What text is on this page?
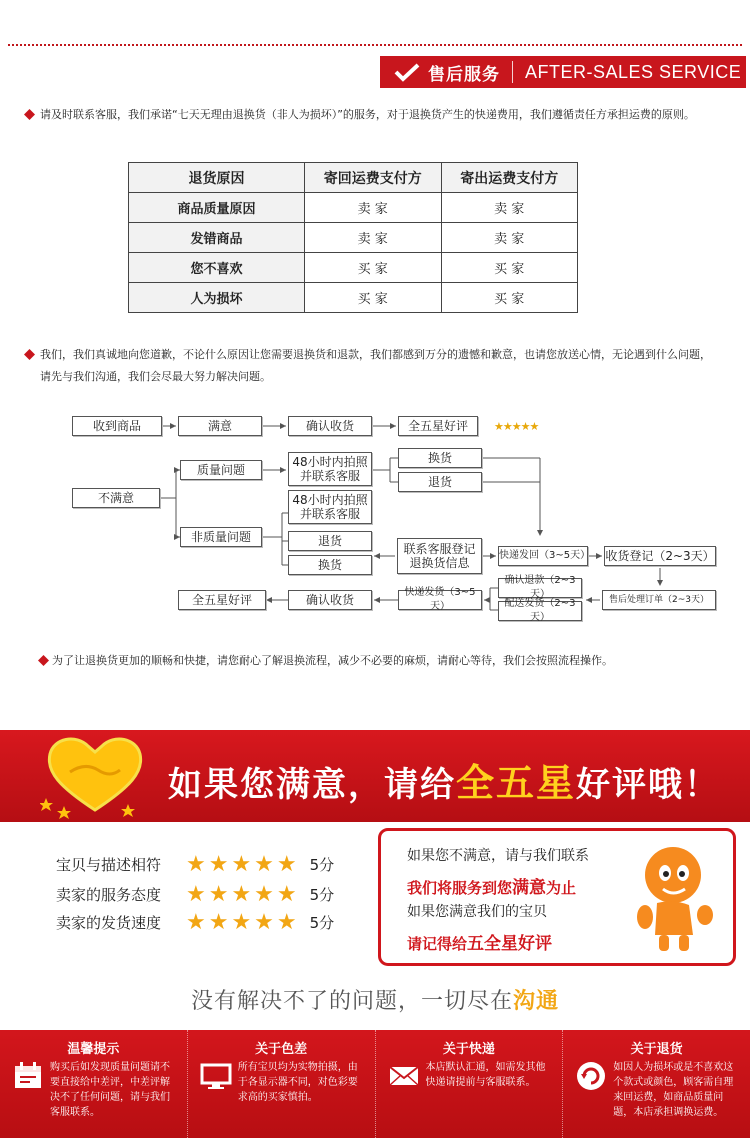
售后服务 AFTER-SALES SERVICE
请及时联系客服，我们承诺“七天无理由退换货（非人为损坏）”的服务，对于退换货产生的快递费用，我们遵循责任方承担运费的原则。
退货原因	寄回运费支付方	寄出运费支付方
商品质量原因	卖 家	卖 家
发错商品	卖 家	卖 家
您不喜欢	买 家	买 家
人为损坏	买 家	买 家
我们，我们真诚地向您道歉，不论什么原因让您需要退换货和退款，我们都感到万分的遗憾和歉意，也请您放送心情，无论遇到什么问题，请先与我们沟通，我们会尽最大努力解决问题。
收到商品	满意	确认收货	全五星好评	★★★★★
不满意
质量问题
48小时内拍照并联系客服
换货
退货
48小时内拍照并联系客服
非质量问题	退货
换货
联系客服登记退换货信息
快递发回（3~5天） 收货登记（2~3天）
确认退款（2~3天）
配送发货（2~3天）
售后处理订单（2~3天）
全五星好评	确认收货
快递发货（3~5天）
为了让退换货更加的顺畅和快捷，请您耐心了解退换流程，减少不必要的麻烦，请耐心等待，我们会按照流程操作。
如果您满意，请给全五星好评哦！
宝贝与描述相符	★★★★★ 5分
卖家的服务态度	★★★★★ 5分
卖家的发货速度	★★★★★ 5分
如果您不满意，请与我们联系
我们将服务到您满意为止
如果您满意我们的宝贝
请记得给五全星好评
没有解决不了的问题，一切尽在沟通
温馨提示
购买后如发现质量问题请不要直接给中差评，中差评解决不了任何问题，请与我们客服联系。
关于色差
所有宝贝均为实物拍摄，由于各显示器不同，对色彩要求高的买家慎拍。
关于快递
本店默认汇通，如需发其他快递请提前与客服联系。
关于退货
如因人为损坏或是不喜欢这个款式或颜色，顾客需自理来回运费，如商品质量问题，本店承担调换运费。
